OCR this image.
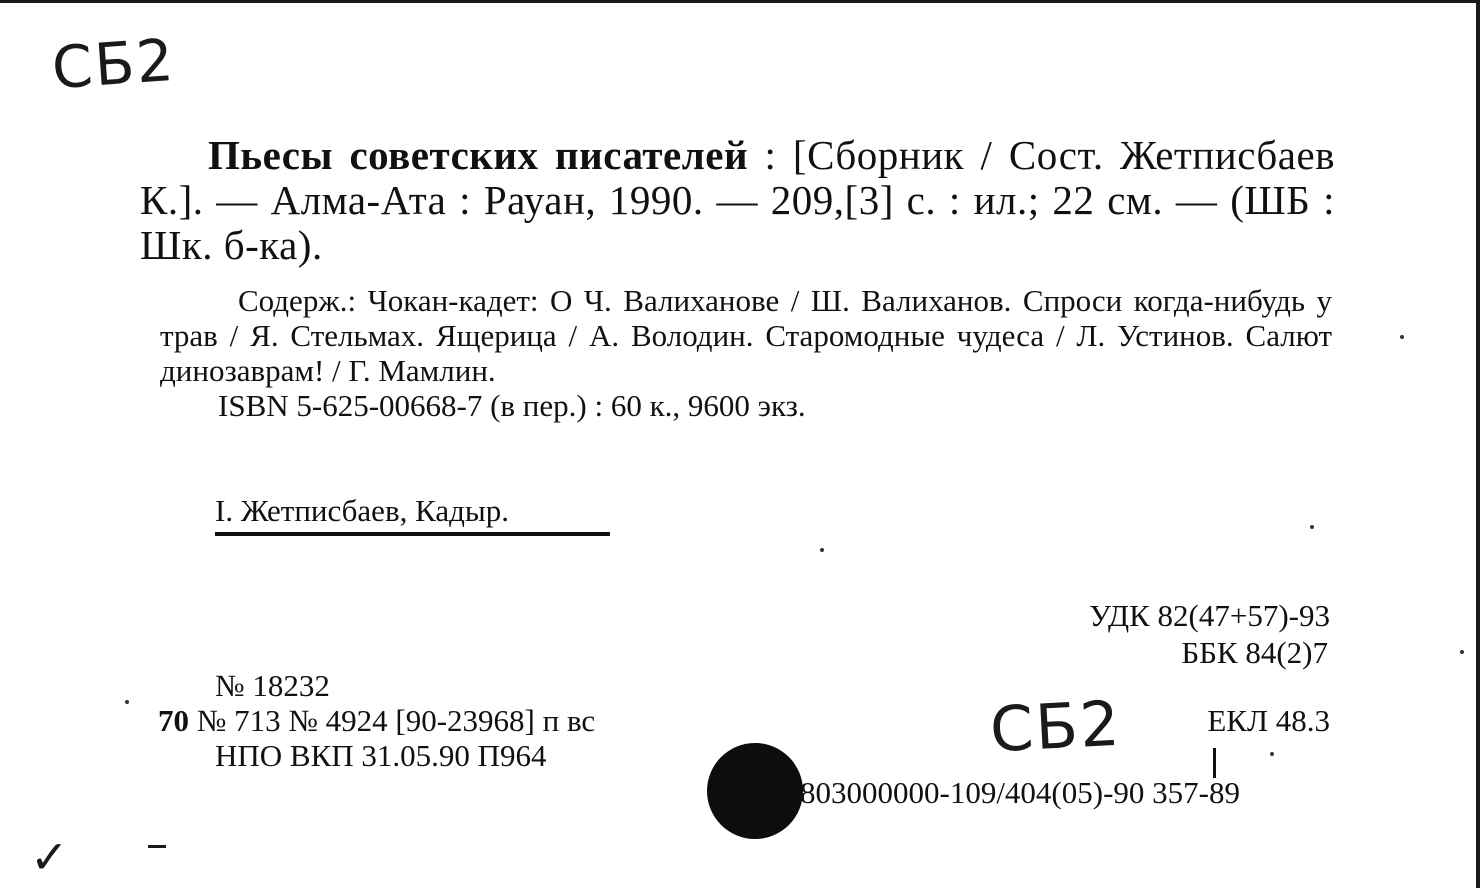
СБ2
Пьесы советских писателей : [Сборник / Сост. Жетписбаев К.]. — Алма-Ата : Рауан, 1990. — 209,[3] с. : ил.; 22 см. — (ШБ : Шк. б-ка).
Содерж.: Чокан-кадет: О Ч. Валиханове / Ш. Валиханов. Спроси когда-нибудь у трав / Я. Стельмах. Ящерица / А. Володин. Старомодные чудеса / Л. Устинов. Салют динозаврам! / Г. Мамлин.
ISBN 5-625-00668-7 (в пер.) : 60 к., 9600 экз.
I. Жетписбаев, Кадыр.
УДК 82(47+57)-93
ББК 84(2)7
№ 18232
70 № 713 № 4924 [90-23968] п вс
НПО ВКП 31.05.90 П964	СБ2	ЕКЛ 48.3
803000000-109/404(05)-90 357-89
✓
